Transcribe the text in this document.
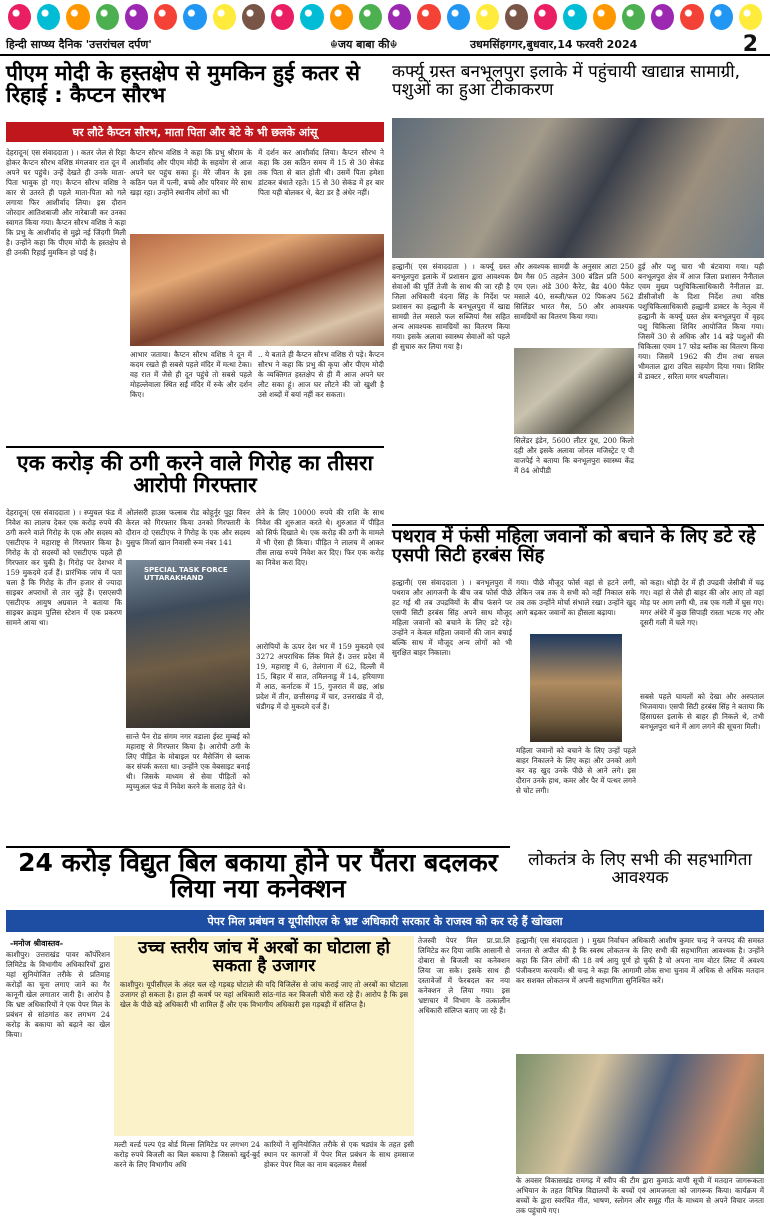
हिन्दी साप्ध्य दैनिक 'उत्तरांचल दर्पण'	☬जय बाबा की☬	उधमसिंहगगर,बुधवार,14 फरवरी 2024	2
पीएम मोदी के हस्तक्षेप से मुमकिन हुई कतर से रिहाई : कैप्टन सौरभ
घर लौटे कैप्टन सौरभ, माता पिता और बेटे के भी छलके आंसू
देहरादून( एस संवाददाता ) । कतर जेल से रिहा होकर कैप्टन सौरभ वशिष्ठ मंगलवार रात दून में अपने घर पहुंचे। उन्हें देखते ही उनके माता-पिता भावुक हो गए। कैप्टन सौरभ वशिष्ठ ने कार से उतरते ही पहले माता-पिता को गले लगाया फिर आशीर्वाद लिया। इस दौरान जोरदार आतिशबाजी और नारेबाजी कर उनका स्वागत किया गया। कैप्टन सौरभ वशिष्ठ ने कहा कि प्रभु के आशीर्वाद से मुझे नई जिंदगी मिली है। उन्होंने कहा कि पीएम मोदी के हस्तक्षेप से ही उनकी रिहाई मुमकिन हो पाई है।
कैप्टन सौरभ वशिष्ठ ने कहा कि प्रभु श्रीराम के आशीर्वाद और पीएम मोदी के सहयोग से आज अपने घर पहुंच सका हूं। मेरे जीवन के इस कठिन पल में पत्नी, बच्चे और परिवार मेरे साथ खड़ा रहा। उन्होंने स्थानीय लोगों का भी
में दर्शन कर आशीर्वाद लिया। कैप्टन सौरभ ने कहा कि उस कठिन समय में 15 से 30 सेकंड तक पिता से बात होती थी। उसमें पिता हमेशा डांटकर बंधाते रहते। 15 से 30 सेकंड में हर बार पिता यही बोलकर थे, बेटा डर है अंधेर नहीं।
आभार जताया। कैप्टन सौरभ वशिष्ठ ने दून में कदम रखते ही सबसे पहले मंदिर में मत्था टेका। वह रात में जैसे ही दून पहुंचे तो सबसे पहले मोहल्लेवाला स्थित सईं मंदिर में रुके और दर्शन किए।
.. ये बताते ही कैप्टन सौरभ वशिष्ठ रो पड़े। कैप्टन सौरभ ने कहा कि प्रभु की कृपा और पीएम मोदी के व्यक्तिगत हस्तक्षेप से ही मैं आज अपने घर लौट सका हूं। आज घर लौटने की जो खुशी है उसे शब्दों में बयां नहीं कर सकता।
कर्फ्यू ग्रस्त बनभूलपुरा इलाके में पहुंचायी खाद्यान्न सामाग्री, पशुओं का हुआ टीकाकरण
हल्द्वानी( एस संवाददाता ) । कर्फ्यू ग्रस्त बनभूलपुरा इलाके में प्रशासन द्वारा आवश्यक सेवाओं की पूर्ति तेजी के साथ की जा रही है जिला अधिकारी वंदना सिंह के निर्देश पर प्रशासन का हल्द्वानी के बनभूलपुरा में खाद्य सामग्री तेल मसाले फल सब्जियां गैस सहित अन्य आवश्यक सामग्रियों का वितरण किया गया। इसके अलावा स्वास्थ्य सेवाओं को पहले ही सुचारु कर लिया गया है।
और अवश्यक सामग्री के अनुसार आटा 250 ग्रैम गैस 05 तहलेन 300 बंडिल प्रति 500 एम एल। अंडे 300 कैरेट, ब्रैड 400 पैकेट मसाले 40, सब्जी/फल 02 पिकअप 562 सिलिंडर भारत गैस, 50 और आवश्यक सामग्रियों का वितरण किया गया।
सिलेंडर इंडेन, 5600 लीटर दूध, 200 किलो दही और इसके अलावा जोनल मजिस्ट्रेट ए पी वाजपेई ने बताया कि बनभूलपुरा स्वास्थ्य केंद्र में 84 ओपीडी
हुई और पशु चारा भी बंटवाया गया। यही बनभूलपुरा क्षेत्र में आज जिला प्रशासन नैनीताल एवम मुख्य पशुचिकित्साधिकारी नैनीताल डा. डीसीजोशी के दिशा निर्देश तथा वरिष्ठ पशुचिकित्साधिकारी हल्द्वानी डाक्टर के नेतृत्व में हल्द्वानी के कर्फ्यू ग्रस्त क्षेत्र बनभूलपुरा में वृहद पशु चिकित्सा शिविर आयोजित किया गया। जिसमें 30 से अधिक और 14 बड़े पशुओं की चिकित्सा एवम 17 फोड ब्लॉक का वितरण किया गया। जिसमें 1962 की टीम तथा सचल भीमताल द्वारा उचित सहयोग दिया गया। शिविर में डाक्टर , सरिता मगर थपलीयाल।
एक करोड़ की ठगी करने वाले गिरोह का तीसरा आरोपी गिरफ्तार
देहरादून( एस संवाददाता ) । स्प्युचल फंड में निवेश का लालच देकर एक करोड़ रुपये की ठगी करने वाले गिरोह के एक और सदस्य को एसटीएफ ने महाराष्ट्र से गिरफ्तार किया है। गिरोह के दो सदस्यों को एसटीएफ पहले ही गिरफ्तार कर चुकी है। गिरोह पर देशभर में 159 मुकदमे दर्ज हैं। प्रारंभिक जांच में पता चला है कि गिरोह के तीन हजार से ज्यादा साइबर अपराधों से तार जुड़े हैं। एसएसपी एसटीएफ आयुष अग्रवाल ने बताया कि साइबर क्राइम पुलिस स्टेशन में एक प्रकरण सामने आया था।
ओलंसरी हाउस फल्सब रोड कोहूर्नूर पुट्टा विरुर केरल को गिरफ्तार किया उनको गिरफ्तारी के दौरान दो एसटीएफ ने गिरोह के एक और सदस्य युसुफ मिर्जा खान निवासी रूम नंबर 141
SPECIAL TASK FORCE UTTARAKHAND
सान्ते पैन रोड संगम नगर वडाला ईस्ट मुम्बई को महाराष्ट्र से गिरफ्तार किया है। आरोपी ठगी के लिए पीड़ित के मोबाइल पर मैसेजिंग से ब्लाक कर संपर्क करता था। उन्होंने एक वेबसाइट बनाई थी। जिसके माध्यम से सेवा पीड़ितों को म्युच्युअल फंड में निवेश करने के सलाह देते थे।
लेने के लिए 10000 रुपये की राशि के साथ निवेश की शुरुआत करते थे। शुरुआत में पीड़ित को सिर्फ दिखाते थे। एक करोड़ की ठगी के मामले में भी ऐसा ही किया। पीड़ित ने लालच में आकर तीस लाख रुपये निवेश कर दिए। फिर एक करोड़ का निवेश करा दिए।
आरोपियों के ऊपर देश भर में 159 मुकदमे एवं 3272 अपराधिक लिंक मिले हैं। उत्तर प्रदेश में 19, महाराष्ट्र में 6, तेलंगाना में 62, दिल्ली में 15, बिहार में सात, तमिलनाडु में 14, हरियाणा में आठ, कर्नाटक में 15, गुजरात में छह, आंध्र प्रदेश में तीन, छत्तीसगढ़ में चार, उत्तराखंड में दो, चंडीगढ़ में दो मुकदमे दर्ज हैं।
पथराव में फंसी महिला जवानों को बचाने के लिए डटे रहे एसपी सिटी हरबंस सिंह
हल्द्वानी( एस संवाददाता ) । बनभूलपुरा में पथराव और आगजनी के बीच जब फोर्स पीछे हट गई थी तब उपद्रवियों के बीच फंसने पर एसपी सिटी हरबंस सिंह अपने साथ मौजूद महिला जवानों को बचाने के लिए डटे रहे। उन्होंने न केवल महिला जवानों की जान बचाई बल्कि साथ में मौजूद अन्य लोगों को भी सुरक्षित बाहर निकाला।
गया। पीछे मौजूद फोर्स वहां से हटने लगी, लेकिन जब तक वे सभी को नहीं निकाल सके तब तक उन्होंने मोर्चा संभाले रखा। उन्होंने खुद आगे बढ़कर जवानों का हौसला बढ़ाया।
महिला जवानों को बचाने के लिए उन्हों पहले बाहर निकालने के लिए कहा और उनको आगे कर वह खुद उनके पीछे से आने लगे। इस दौरान उनके हाथ, कमर और पैर में पत्थर लगने से चोट लगी।
को कहा। थोड़ी देर में ही उपद्रवी जेसीबी में चढ़ गए। वहां से जैसे ही बाहर की ओर आए तो वहां मोड़ पर आग लगी थी, तब एक गली में घुस गए। मगर अंधेरे में कुछ सिपाही रास्ता भटक गए और दूसरी गली में चले गए।
सबसे पहले घायलों को देखा और अस्पताल भिजवाया। एसपी सिटी हरबंस सिंह ने बताया कि हिंसाग्रस्त इलाके से बाहर ही निकले थे, तभी बनभूलपुरा थाने में आग लगने की सूचना मिली।
24 करोड़ विद्युत बिल बकाया होने पर पैंतरा बदलकर लिया नया कनेक्शन
पेपर मिल प्रबंधन व यूपीसीएल के भ्रष्ट अधिकारी सरकार के राजस्व को कर रहे हैं खोखला
-मनोज श्रीवास्तव-
काशीपुर। उत्तराखंड पावर कॉर्पोरेशन लिमिटेड के विभागीय अधिकारियों द्वारा यहां सुनियोजित तरीके से प्रतिमाह करोड़ों का चूना लगाए जाने का गैर कानूनी खेल लगातार जारी है। आरोप है कि भ्रष्ट अधिकारियों ने एक पेपर मिल के प्रबंधन से सांठगांठ कर लगभग 24 करोड़ के बकाया को बढ़ाने का खेल किया।
उच्च स्तरीय जांच में अरबों का घोटाला हो सकता है उजागर
काशीपुर। यूपीसीएल के अंदर चल रहे गड़बड़ घोटाले की यदि विजिलेंस से जांच कराई जाए तो अरबों का घोटाला उजागर हो सकता है। हाल ही कवर्ष पर यहां अधिकारी सांठ-गांठ कर बिजली चोरी करा रहे हैं। आरोप है कि इस खेल के पीछे बड़े अधिकारी भी शामिल हैं और एक विभागीय अधिकारी इस गड़बड़ी में संलिप्त है।
मल्टी वर्ल्ड पल्प एंड बोर्ड मिल्स लिमिटेड पर लगभग 24 करोड़ रुपये बिजली का बिल बकाया है जिसको खुर्द-बुर्द करने के लिए विभागीय अधि
कारियों ने सुनियोजित तरीके से एक षड्यंत्र के तहत इसी स्थान पर कागजों में पेपर मिल प्रबंधन के साथ हमसाज होकर पेपर मिल का नाम बदलकर मैसर्स
तेजस्वी पेपर मिल प्रा.प्रा.लि लिमिटेड कर दिया जाकि आसानी से दोबारा से बिजली का कनेक्शन लिया जा सके। इसके साथ ही दस्तावेजों में फेरबदल कर नया कनेक्शन ले लिया गया। इस भ्रष्टाचार में विभाग के तत्कालीन अधिकारी संलिप्त बताए जा रहे हैं।
लोकतंत्र के लिए सभी की सहभागिता आवश्यक
हल्द्वानी( एस संवाददाता ) । मुख्य निर्वाचन अधिकारी आशीष कुमार चन्द्र ने जनपद की समस्त जनता से अपील की है कि स्वस्थ लोकतन्त्र के लिए सभी की सहभागिता आवश्यक है। उन्होंने कहा कि जिन लोगों की 18 वर्ष आयु पूर्ण हो चुकी है वो अपना नाम वोटर लिस्ट में अवश्य पंजीकरण करवायें। श्री चन्द्र ने कहा कि आगामी लोक सभा चुनाव में अधिक से अधिक मतदान कर सशक्त लोकतन्त्र में अपनी सहभागिता सुनिश्चित करें।
के अवसर विकासखंड रामगढ़ में स्वीप की टीम द्वारा कुमाऊं वाणी सूची में मतदान जागरूकता अभियान के तहत विभिन्न विद्यालयों के बच्चों एवं आमजनता को जागरूक किया। कार्यक्रम में बच्चों के द्वारा स्वरचित गीत, भाषण, स्लोगन और समूह गीत के माध्यम से अपने विचार जनता तक पहुंचाये गए।
